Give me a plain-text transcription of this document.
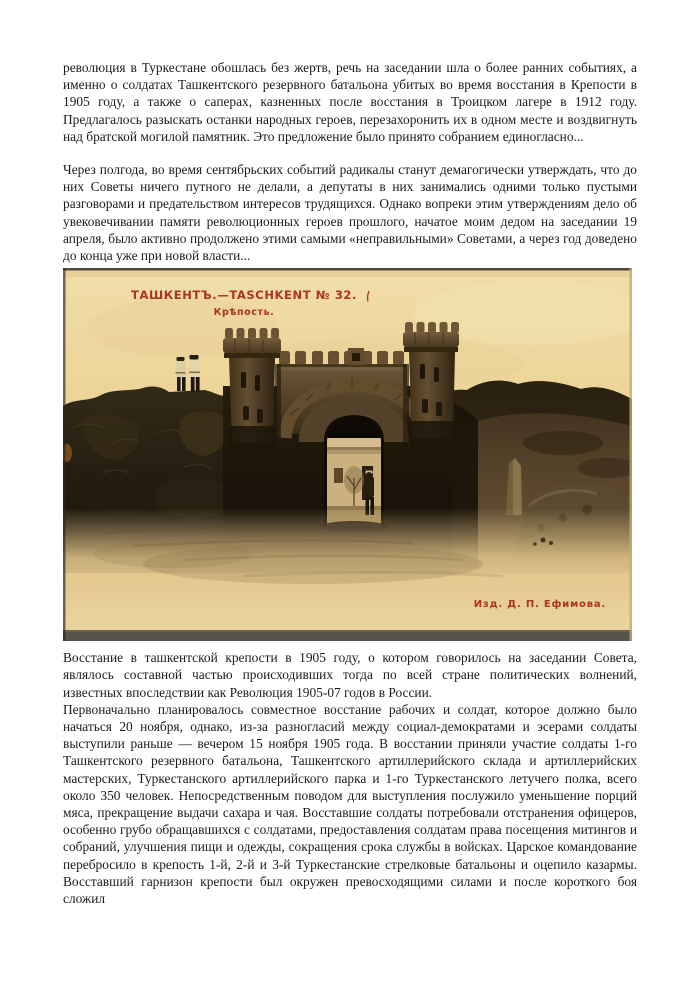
революция в Туркестане обошлась без жертв, речь на заседании шла о более ранних событиях, а именно о солдатах Ташкентского резервного батальона убитых во время восстания в Крепости в 1905 году, а также о саперах, казненных после восстания в Троицком лагере в 1912 году. Предлагалось разыскать останки народных героев, перезахоронить их в одном месте и воздвигнуть над братской могилой памятник. Это предложение было принято собранием единогласно...

Через полгода, во время сентябрьских событий радикалы станут демагогически утверждать, что до них Советы ничего путного не делали, а депутаты в них занимались одними только пустыми разговорами и предательством интересов трудящихся. Однако вопреки этим утверждениям дело об увековечивании памяти революционных героев прошлого, начатое моим дедом на заседании 19 апреля, было активно продолжено этими самыми «неправильными» Советами, а через год доведено до конца уже при новой власти...

ТАШКЕНТЪ.—TASCHKENT № 32.
Крѣпость.
Изд. Д. П. Ефимова.

Восстание в ташкентской крепости в 1905 году, о котором говорилось на заседании Совета, являлось составной частью происходивших тогда по всей стране политических волнений, известных впоследствии как Революция 1905-07 годов в России.

Первоначально планировалось совместное восстание рабочих и солдат, которое должно было начаться 20 ноября, однако, из-за разногласий между социал-демократами и эсерами солдаты выступили раньше — вечером 15 ноября 1905 года. В восстании приняли участие солдаты 1-го Ташкентского резервного батальона, Ташкентского артиллерийского склада и артиллерийских мастерских, Туркестанского артиллерийского парка и 1-го Туркестанского летучего полка, всего около 350 человек. Непосредственным поводом для выступления послужило уменьшение порций мяса, прекращение выдачи сахара и чая. Восставшие солдаты потребовали отстранения офицеров, особенно грубо обращавшихся с солдатами, предоставления солдатам права посещения митингов и собраний, улучшения пищи и одежды, сокращения срока службы в войсках. Царское командование перебросило в крепость 1-й, 2-й и 3-й Туркестанские стрелковые батальоны и оцепило казармы. Восставший гарнизон крепости был окружен превосходящими силами и после короткого боя сложил
